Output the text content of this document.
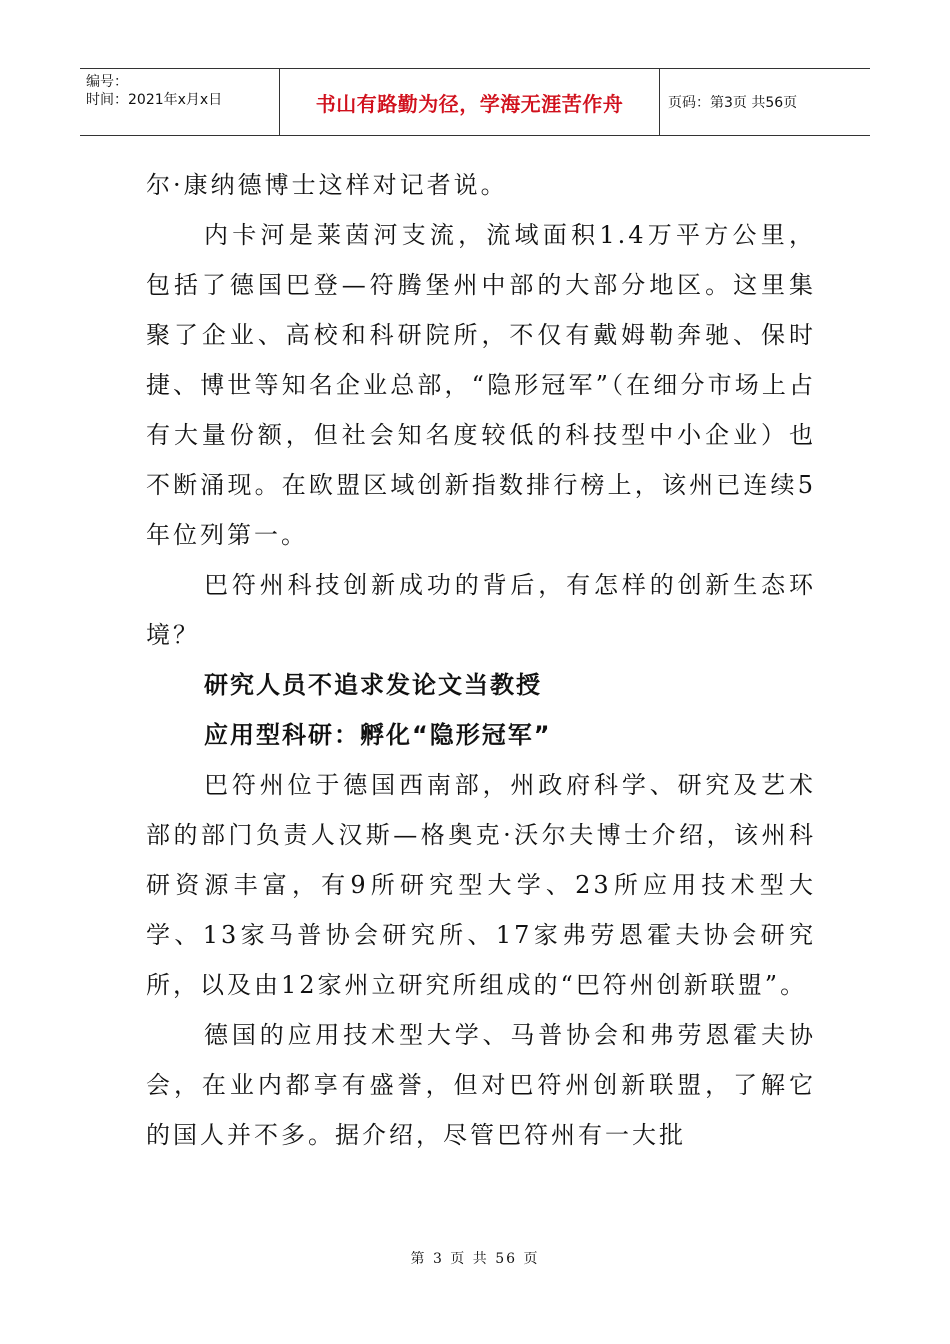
编号：
时间：2021年x月x日	书山有路勤为径，学海无涯苦作舟	页码：第3页 共56页

尔·康纳德博士这样对记者说。

内卡河是莱茵河支流，流域面积1.4万平方公里，包括了德国巴登—符腾堡州中部的大部分地区。这里集聚了企业、高校和科研院所，不仅有戴姆勒奔驰、保时捷、博世等知名企业总部，“隐形冠军”（在细分市场上占有大量份额，但社会知名度较低的科技型中小企业）也不断涌现。在欧盟区域创新指数排行榜上，该州已连续5年位列第一。

巴符州科技创新成功的背后，有怎样的创新生态环境？

研究人员不追求发论文当教授

应用型科研：孵化“隐形冠军”

巴符州位于德国西南部，州政府科学、研究及艺术部的部门负责人汉斯—格奥克·沃尔夫博士介绍，该州科研资源丰富，有9所研究型大学、23所应用技术型大学、13家马普协会研究所、17家弗劳恩霍夫协会研究所，以及由12家州立研究所组成的“巴符州创新联盟”。

德国的应用技术型大学、马普协会和弗劳恩霍夫协会，在业内都享有盛誉，但对巴符州创新联盟，了解它的国人并不多。据介绍，尽管巴符州有一大批

第 3 页 共 56 页
